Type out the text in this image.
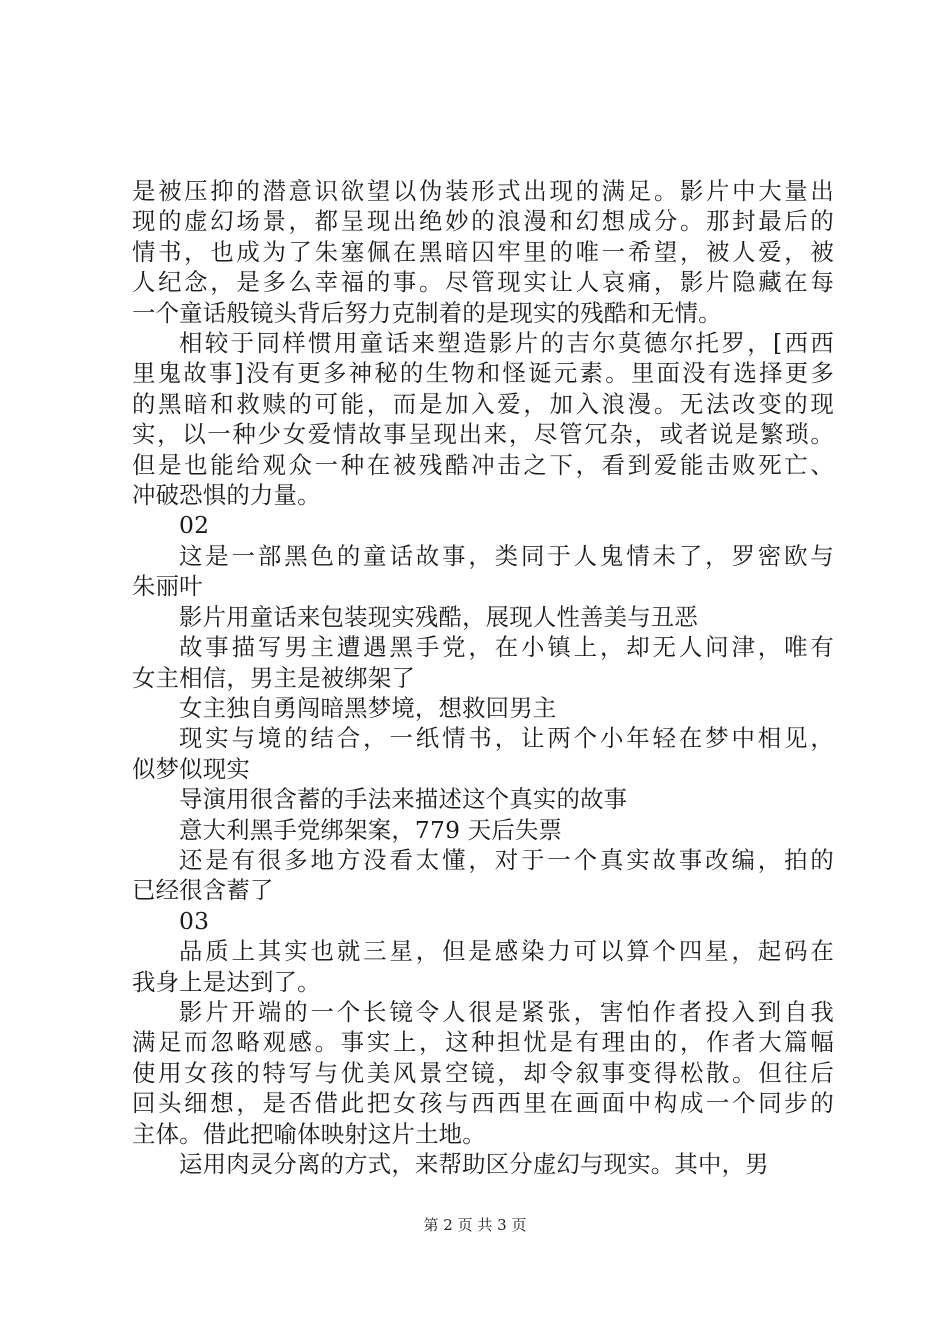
是被压抑的潜意识欲望以伪装形式出现的满足。影片中大量出
现的虚幻场景，都呈现出绝妙的浪漫和幻想成分。那封最后的
情书，也成为了朱塞佩在黑暗囚牢里的唯一希望，被人爱，被
人纪念，是多么幸福的事。尽管现实让人哀痛，影片隐藏在每
一个童话般镜头背后努力克制着的是现实的残酷和无情。

相较于同样惯用童话来塑造影片的吉尔莫德尔托罗，[西西
里鬼故事]没有更多神秘的生物和怪诞元素。里面没有选择更多
的黑暗和救赎的可能，而是加入爱，加入浪漫。无法改变的现
实，以一种少女爱情故事呈现出来，尽管冗杂，或者说是繁琐。
但是也能给观众一种在被残酷冲击之下，看到爱能击败死亡、
冲破恐惧的力量。

02

这是一部黑色的童话故事，类同于人鬼情未了，罗密欧与
朱丽叶

影片用童话来包装现实残酷，展现人性善美与丑恶

故事描写男主遭遇黑手党，在小镇上，却无人问津，唯有
女主相信，男主是被绑架了

女主独自勇闯暗黑梦境，想救回男主

现实与境的结合，一纸情书，让两个小年轻在梦中相见，
似梦似现实

导演用很含蓄的手法来描述这个真实的故事

意大利黑手党绑架案，779 天后失票

还是有很多地方没看太懂，对于一个真实故事改编，拍的
已经很含蓄了

03

品质上其实也就三星，但是感染力可以算个四星，起码在
我身上是达到了。

影片开端的一个长镜令人很是紧张，害怕作者投入到自我
满足而忽略观感。事实上，这种担忧是有理由的，作者大篇幅
使用女孩的特写与优美风景空镜，却令叙事变得松散。但往后
回头细想，是否借此把女孩与西西里在画面中构成一个同步的
主体。借此把喻体映射这片土地。

运用肉灵分离的方式，来帮助区分虚幻与现实。其中，男

第 2 页 共 3 页
